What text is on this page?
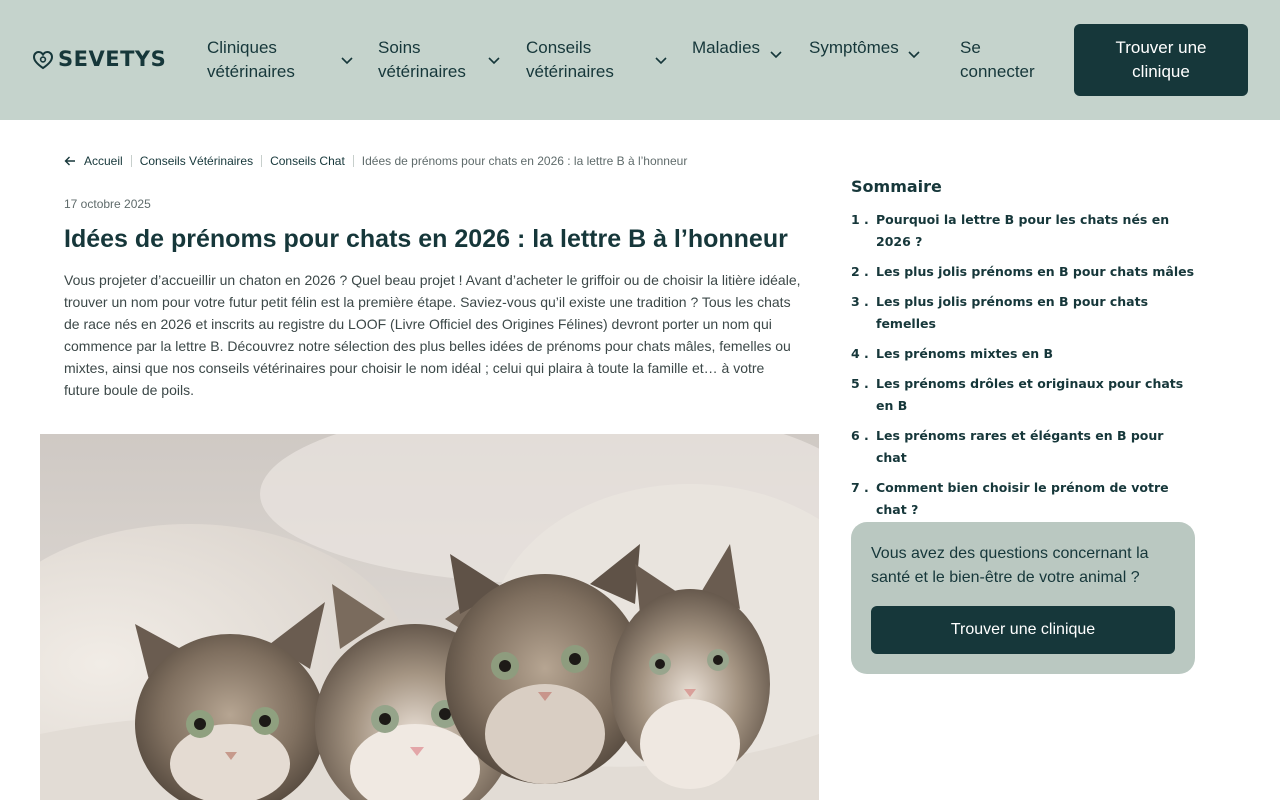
SEVETYS Cliniques vétérinaires
Soins vétérinaires
Conseils vétérinaires
Maladies	Symptômes	Se connecter
Trouver une clinique
Accueil Conseils Vétérinaires Conseils Chat Idées de prénoms pour chats en 2026 : la lettre B à l’honneur
17 octobre 2025
Idées de prénoms pour chats en 2026 : la lettre B à l’honneur

Vous projeter d’accueillir un chaton en 2026 ? Quel beau projet ! Avant d’acheter le griffoir ou de choisir la litière idéale, trouver un nom pour votre futur petit félin est la première étape. Saviez-vous qu’il existe une tradition ? Tous les chats de race nés en 2026 et inscrits au registre du LOOF (Livre Officiel des Origines Félines) devront porter un nom qui commence par la lettre B. Découvrez notre sélection des plus belles idées de prénoms pour chats mâles, femelles ou mixtes, ainsi que nos conseils vétérinaires pour choisir le nom idéal ; celui qui plaira à toute la famille et… à votre future boule de poils.

Sommaire
1 . Pourquoi la lettre B pour les chats nés en 2026 ?
2 . Les plus jolis prénoms en B pour chats mâles
3 . Les plus jolis prénoms en B pour chats femelles
4 . Les prénoms mixtes en B
5 . Les prénoms drôles et originaux pour chats en B
6 . Les prénoms rares et élégants en B pour chat
7 . Comment bien choisir le prénom de votre chat ?

Vous avez des questions concernant la santé et le bien-être de votre animal ?

Trouver une clinique
